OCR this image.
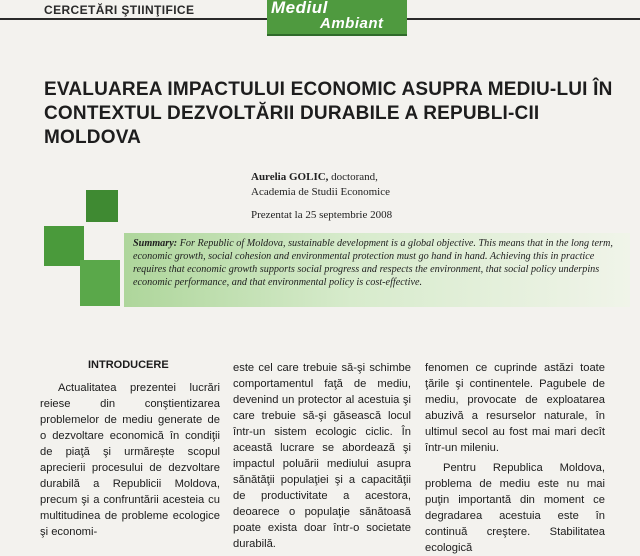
CERCETĂRI ŞTIINŢIFICE	Mediul
Ambiant
EVALUAREA IMPACTULUI ECONOMIC ASUPRA MEDIU-LUI ÎN CONTEXTUL DEZVOLTĂRII DURABILE A REPUBLI-CII MOLDOVA
Aurelia GOLIC, doctorand,
Academia de Studii Economice
Prezentat la 25 septembrie 2008
Summary: For Republic of Moldova, sustainable development is a global objective. This means that in the long term, economic growth, social cohesion and environmental protection must go hand in hand. Achieving this in practice requires that economic growth supports social progress and respects the environment, that social policy underpins economic performance, and that environmental policy is cost-effective.
INTRODUCERE

Actualitatea prezentei lucrări reiese din conştientizarea problemelor de mediu generate de o dezvoltare economică în condiţii de piaţă şi urmărește scopul aprecierii procesului de dezvoltare durabilă a Republicii Moldova, precum şi a confruntării acesteia cu multitudinea de probleme ecologice şi economi-

este cel care trebuie să-şi schimbe comportamentul faţă de mediu, devenind un protector al acestuia şi care trebuie să-şi găsească locul într-un sistem ecologic ciclic. În această lucrare se abordează şi impactul poluării mediului asupra sănătăţii populaţiei şi a capacităţii de productivitate a acestora, deoarece o populaţie sănătoasă poate exista doar într-o societate durabilă.

fenomen ce cuprinde astăzi toate ţările şi continentele. Pagubele de mediu, provocate de exploatarea abuzivă a resurselor naturale, în ultimul secol au fost mai mari decît într-un mileniu.

Pentru Republica Moldova, problema de mediu este nu mai puţin importantă din moment ce degradarea acestuia este în continuă creştere. Stabilitatea ecologică
